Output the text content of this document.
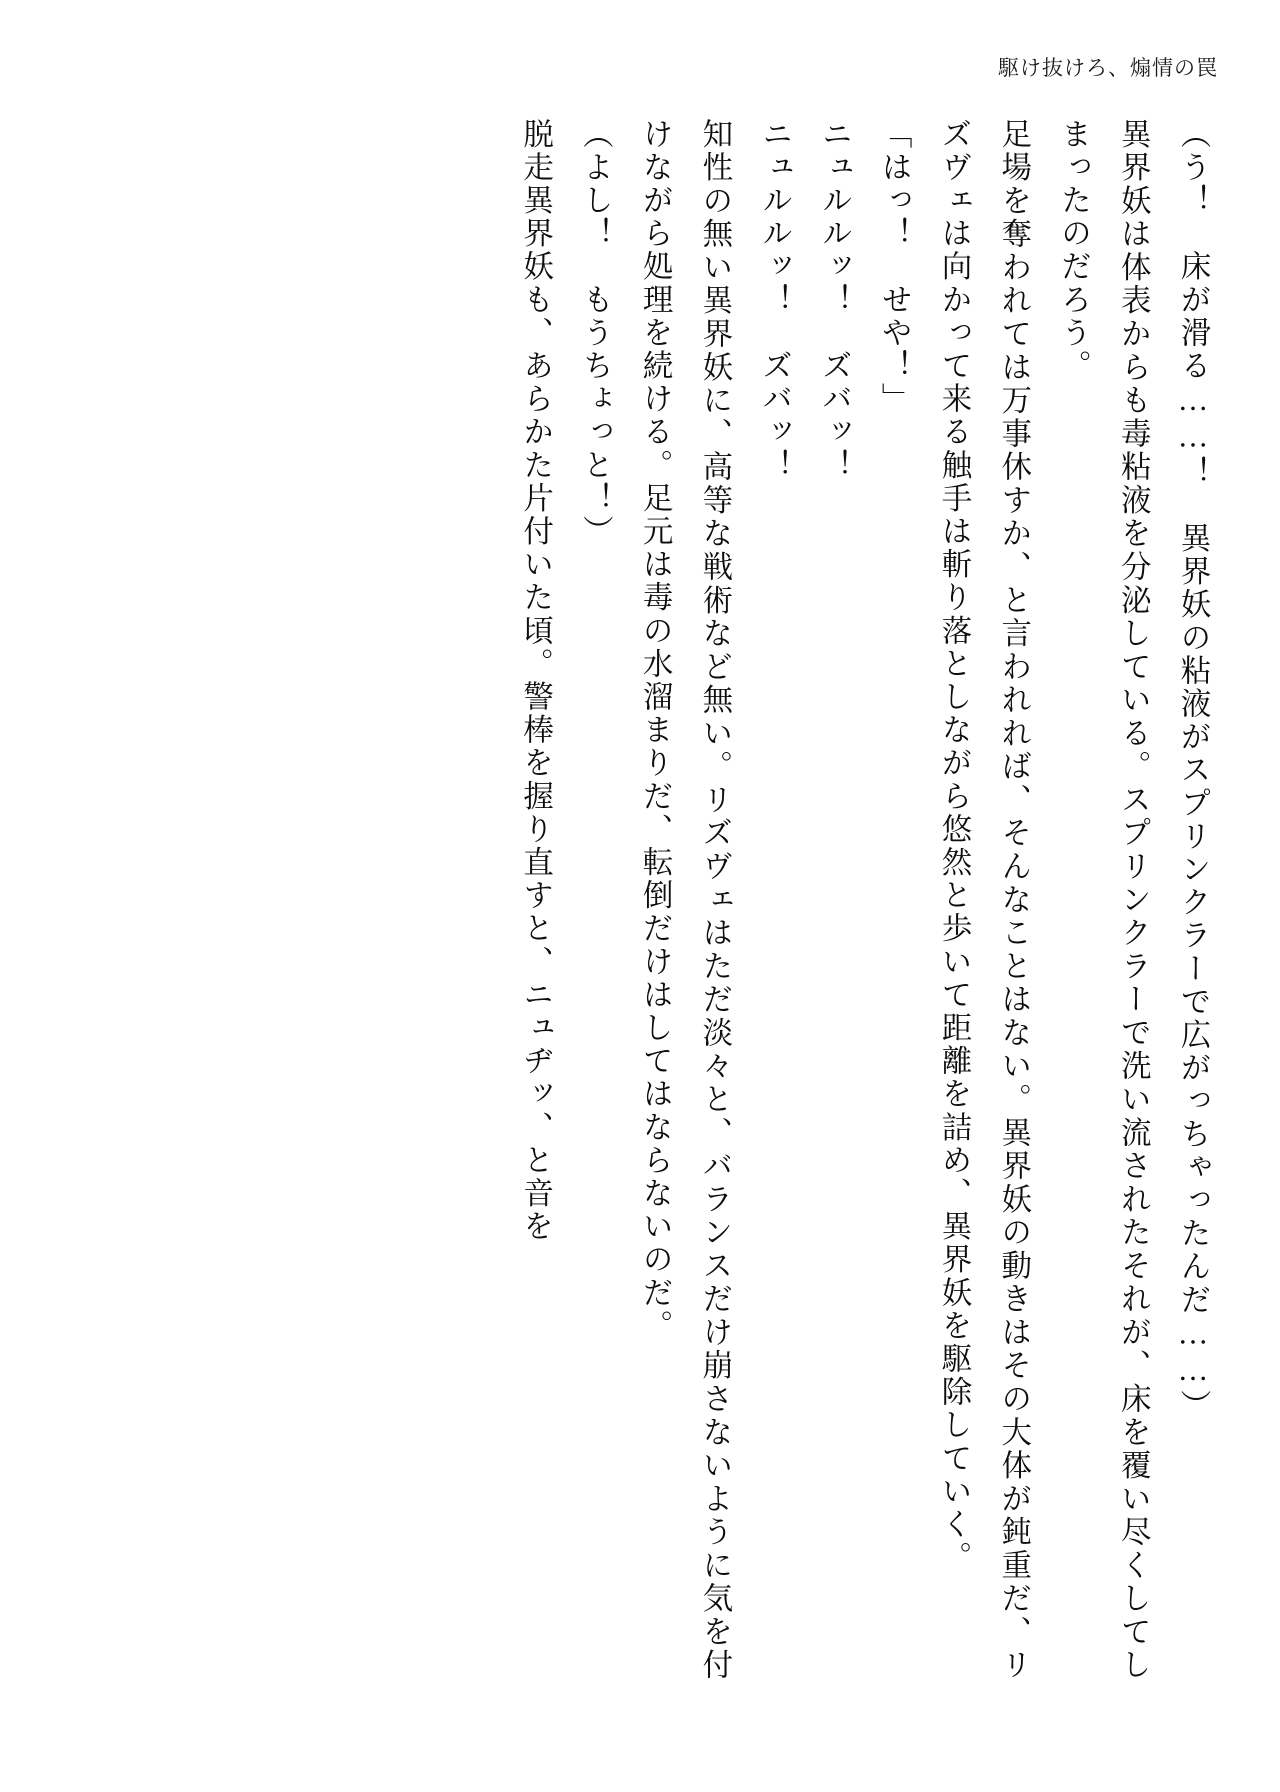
駆け抜けろ、煽情の罠

（う！　床が滑る……！　異界妖の粘液がスプリンクラーで広がっちゃったんだ……）

異界妖は体表からも毒粘液を分泌している。スプリンクラーで洗い流されたそれが、床を覆い尽くしてしまったのだろう。

足場を奪われては万事休すか、と言われれば、そんなことはない。異界妖の動きはその大体が鈍重だ、リズヴェは向かって来る触手は斬り落としながら悠然と歩いて距離を詰め、異界妖を駆除していく。

「はっ！　せや！」

ニュルルッ！　ズバッ！

ニュルルッ！　ズバッ！

知性の無い異界妖に、高等な戦術など無い。リズヴェはただ淡々と、バランスだけ崩さないように気を付けながら処理を続ける。足元は毒の水溜まりだ、転倒だけはしてはならないのだ。

（よし！　もうちょっと！）

脱走異界妖も、あらかた片付いた頃。警棒を握り直すと、ニュヂッ、と音を
